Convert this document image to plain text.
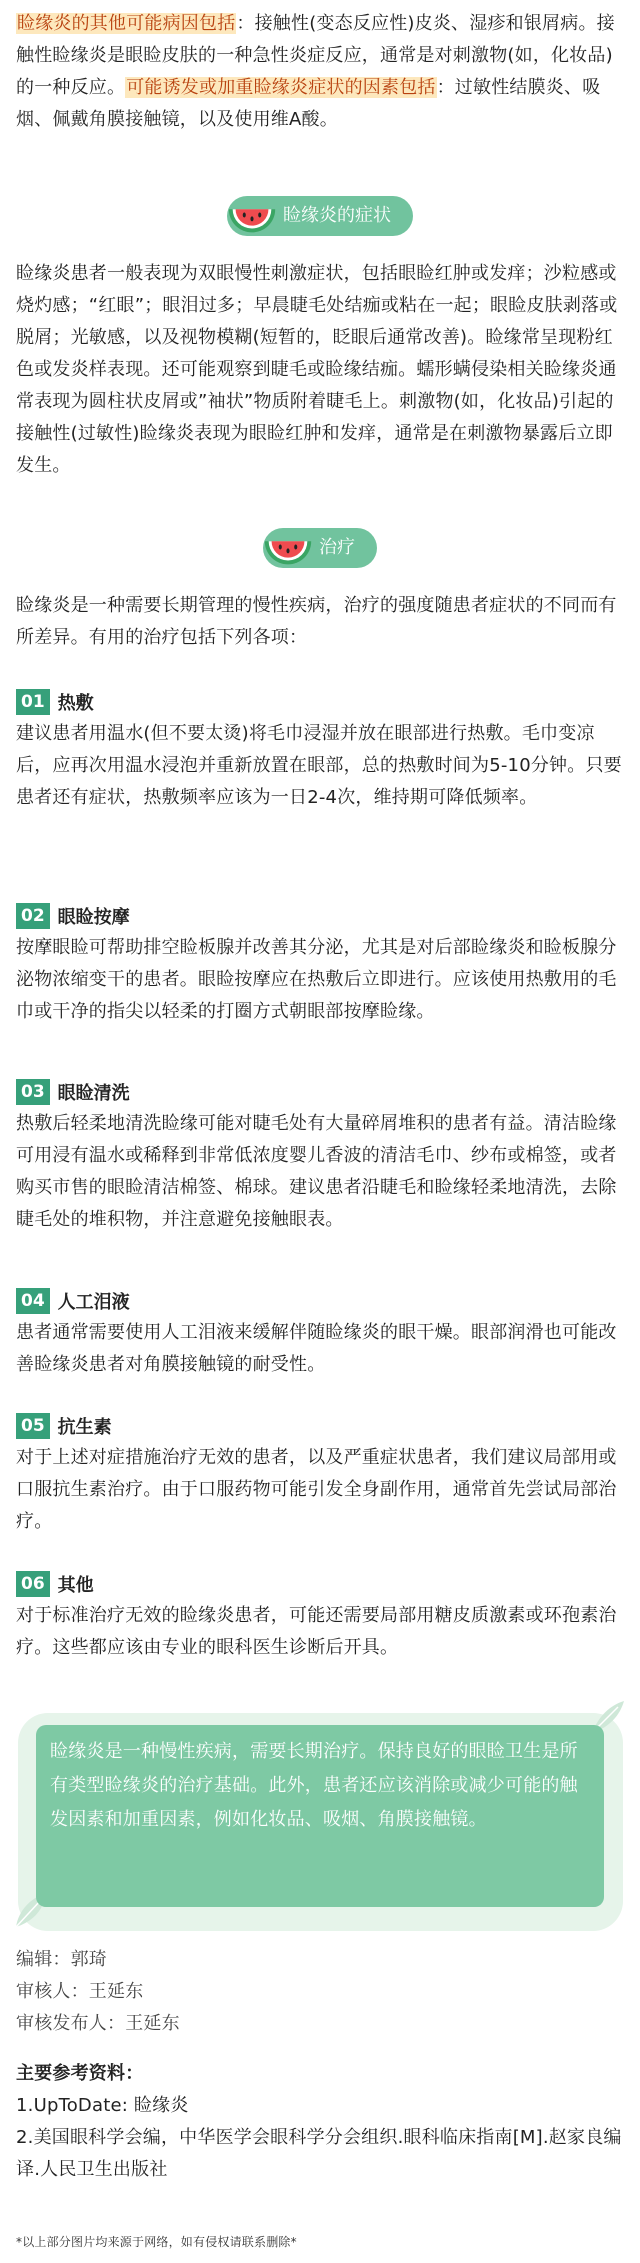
睑缘炎的其他可能病因包括：接触性(变态反应性)皮炎、湿疹和银屑病。接触性睑缘炎是眼睑皮肤的一种急性炎症反应，通常是对刺激物(如，化妆品)的一种反应。可能诱发或加重睑缘炎症状的因素包括：过敏性结膜炎、吸烟、佩戴角膜接触镜，以及使用维A酸。

睑缘炎的症状

睑缘炎患者一般表现为双眼慢性刺激症状，包括眼睑红肿或发痒；沙粒感或烧灼感；“红眼”；眼泪过多；早晨睫毛处结痂或粘在一起；眼睑皮肤剥落或脱屑；光敏感，以及视物模糊(短暂的，眨眼后通常改善)。睑缘常呈现粉红色或发炎样表现。还可能观察到睫毛或睑缘结痂。蠕形螨侵染相关睑缘炎通常表现为圆柱状皮屑或”袖状”物质附着睫毛上。刺激物(如，化妆品)引起的接触性(过敏性)睑缘炎表现为眼睑红肿和发痒，通常是在刺激物暴露后立即发生。

治疗

睑缘炎是一种需要长期管理的慢性疾病，治疗的强度随患者症状的不同而有所差异。有用的治疗包括下列各项：

01 热敷

建议患者用温水(但不要太烫)将毛巾浸湿并放在眼部进行热敷。毛巾变凉后，应再次用温水浸泡并重新放置在眼部，总的热敷时间为5-10分钟。只要患者还有症状，热敷频率应该为一日2-4次，维持期可降低频率。

02 眼睑按摩

按摩眼睑可帮助排空睑板腺并改善其分泌，尤其是对后部睑缘炎和睑板腺分泌物浓缩变干的患者。眼睑按摩应在热敷后立即进行。应该使用热敷用的毛巾或干净的指尖以轻柔的打圈方式朝眼部按摩睑缘。

03 眼睑清洗

热敷后轻柔地清洗睑缘可能对睫毛处有大量碎屑堆积的患者有益。清洁睑缘可用浸有温水或稀释到非常低浓度婴儿香波的清洁毛巾、纱布或棉签，或者购买市售的眼睑清洁棉签、棉球。建议患者沿睫毛和睑缘轻柔地清洗，去除睫毛处的堆积物，并注意避免接触眼表。

04 人工泪液

患者通常需要使用人工泪液来缓解伴随睑缘炎的眼干燥。眼部润滑也可能改善睑缘炎患者对角膜接触镜的耐受性。

05 抗生素

对于上述对症措施治疗无效的患者，以及严重症状患者，我们建议局部用或口服抗生素治疗。由于口服药物可能引发全身副作用，通常首先尝试局部治疗。

06 其他

对于标准治疗无效的睑缘炎患者，可能还需要局部用糖皮质激素或环孢素治疗。这些都应该由专业的眼科医生诊断后开具。

睑缘炎是一种慢性疾病，需要长期治疗。保持良好的眼睑卫生是所有类型睑缘炎的治疗基础。此外，患者还应该消除或减少可能的触发因素和加重因素，例如化妆品、吸烟、角膜接触镜。

编辑：郭琦

审核人：王延东

审核发布人：王延东

主要参考资料：

1.UpToDate: 睑缘炎

2.美国眼科学会编，中华医学会眼科学分会组织.眼科临床指南[M].赵家良编译.人民卫生出版社

*以上部分图片均来源于网络，如有侵权请联系删除*
